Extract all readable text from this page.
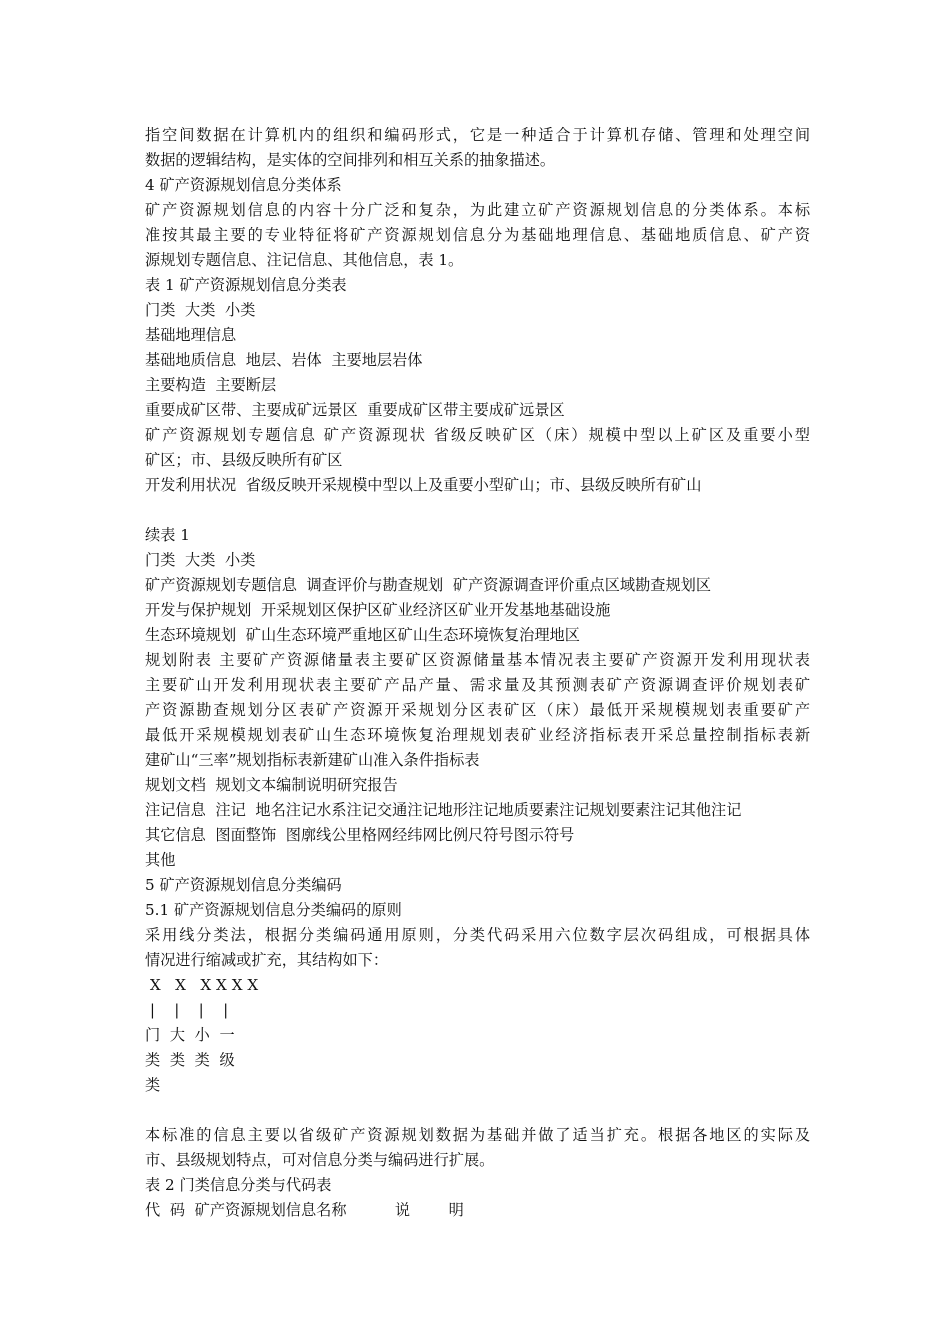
指空间数据在计算机内的组织和编码形式，它是一种适合于计算机存储、管理和处理空间
数据的逻辑结构，是实体的空间排列和相互关系的抽象描述。
4 矿产资源规划信息分类体系
矿产资源规划信息的内容十分广泛和复杂，为此建立矿产资源规划信息的分类体系。本标
准按其最主要的专业特征将矿产资源规划信息分为基础地理信息、基础地质信息、矿产资
源规划专题信息、注记信息、其他信息，表 1。
表 1 矿产资源规划信息分类表
门类  大类  小类
基础地理信息
基础地质信息  地层、岩体  主要地层岩体
主要构造  主要断层
重要成矿区带、主要成矿远景区  重要成矿区带主要成矿远景区
矿产资源规划专题信息 矿产资源现状 省级反映矿区（床）规模中型以上矿区及重要小型
矿区；市、县级反映所有矿区
开发利用状况  省级反映开采规模中型以上及重要小型矿山；市、县级反映所有矿山
续表 1
门类  大类  小类
矿产资源规划专题信息  调查评价与勘查规划  矿产资源调查评价重点区域勘查规划区
开发与保护规划  开采规划区保护区矿业经济区矿业开发基地基础设施
生态环境规划  矿山生态环境严重地区矿山生态环境恢复治理地区
规划附表 主要矿产资源储量表主要矿区资源储量基本情况表主要矿产资源开发利用现状表
主要矿山开发利用现状表主要矿产品产量、需求量及其预测表矿产资源调查评价规划表矿
产资源勘查规划分区表矿产资源开采规划分区表矿区（床）最低开采规模规划表重要矿产
最低开采规模规划表矿山生态环境恢复治理规划表矿业经济指标表开采总量控制指标表新
建矿山“三率”规划指标表新建矿山准入条件指标表
规划文档  规划文本编制说明研究报告
注记信息  注记  地名注记水系注记交通注记地形注记地质要素注记规划要素注记其他注记
其它信息  图面整饰  图廓线公里格网经纬网比例尺符号图示符号
其他
5 矿产资源规划信息分类编码
5.1 矿产资源规划信息分类编码的原则
采用线分类法，根据分类编码通用原则，分类代码采用六位数字层次码组成，可根据具体
情况进行缩减或扩充，其结构如下：
X   X   X X X X
|    |    |    |
门  大  小  一
类  类  类  级
类
本标准的信息主要以省级矿产资源规划数据为基础并做了适当扩充。根据各地区的实际及
市、县级规划特点，可对信息分类与编码进行扩展。
表 2 门类信息分类与代码表
代  码  矿产资源规划信息名称          说        明
